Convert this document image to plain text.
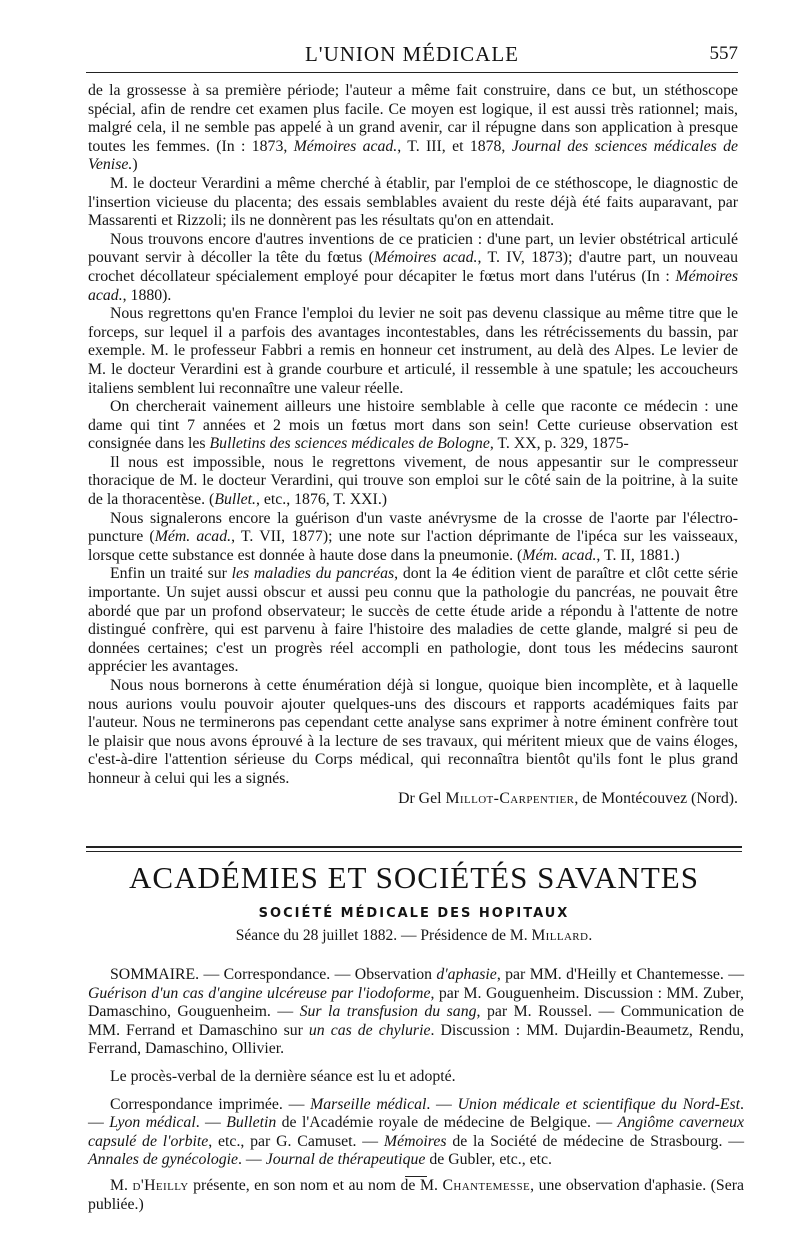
L'UNION MÉDICALE	557

de la grossesse à sa première période; l'auteur a même fait construire, dans ce but, un stéthoscope spécial, afin de rendre cet examen plus facile. Ce moyen est logique, il est aussi très rationnel; mais, malgré cela, il ne semble pas appelé à un grand avenir, car il répugne dans son application à presque toutes les femmes. (In : 1873, Mémoires acad., T. III, et 1878, Journal des sciences médicales de Venise.)

M. le docteur Verardini a même cherché à établir, par l'emploi de ce stéthoscope, le diagnostic de l'insertion vicieuse du placenta; des essais semblables avaient du reste déjà été faits auparavant, par Massarenti et Rizzoli; ils ne donnèrent pas les résultats qu'on en attendait.

Nous trouvons encore d'autres inventions de ce praticien : d'une part, un levier obstétrical articulé pouvant servir à décoller la tête du fœtus (Mémoires acad., T. IV, 1873); d'autre part, un nouveau crochet décollateur spécialement employé pour décapiter le fœtus mort dans l'utérus (In : Mémoires acad., 1880).

Nous regrettons qu'en France l'emploi du levier ne soit pas devenu classique au même titre que le forceps, sur lequel il a parfois des avantages incontestables, dans les rétrécissements du bassin, par exemple. M. le professeur Fabbri a remis en honneur cet instrument, au delà des Alpes. Le levier de M. le docteur Verardini est à grande courbure et articulé, il ressemble à une spatule; les accoucheurs italiens semblent lui reconnaître une valeur réelle.

On chercherait vainement ailleurs une histoire semblable à celle que raconte ce médecin : une dame qui tint 7 années et 2 mois un fœtus mort dans son sein! Cette curieuse observation est consignée dans les Bulletins des sciences médicales de Bologne, T. XX, p. 329, 1875-

Il nous est impossible, nous le regrettons vivement, de nous appesantir sur le compresseur thoracique de M. le docteur Verardini, qui trouve son emploi sur le côté sain de la poitrine, à la suite de la thoracentèse. (Bullet., etc., 1876, T. XXI.)

Nous signalerons encore la guérison d'un vaste anévrysme de la crosse de l'aorte par l'électro-puncture (Mém. acad., T. VII, 1877); une note sur l'action déprimante de l'ipéca sur les vaisseaux, lorsque cette substance est donnée à haute dose dans la pneumonie. (Mém. acad., T. II, 1881.)

Enfin un traité sur les maladies du pancréas, dont la 4e édition vient de paraître et clôt cette série importante. Un sujet aussi obscur et aussi peu connu que la pathologie du pancréas, ne pouvait être abordé que par un profond observateur; le succès de cette étude aride a répondu à l'attente de notre distingué confrère, qui est parvenu à faire l'histoire des maladies de cette glande, malgré si peu de données certaines; c'est un progrès réel accompli en pathologie, dont tous les médecins sauront apprécier les avantages.

Nous nous bornerons à cette énumération déjà si longue, quoique bien incomplète, et à laquelle nous aurions voulu pouvoir ajouter quelques-uns des discours et rapports académiques faits par l'auteur. Nous ne terminerons pas cependant cette analyse sans exprimer à notre éminent confrère tout le plaisir que nous avons éprouvé à la lecture de ses travaux, qui méritent mieux que de vains éloges, c'est-à-dire l'attention sérieuse du Corps médical, qui reconnaîtra bientôt qu'ils font le plus grand honneur à celui qui les a signés.

Dr Gel Millot-Carpentier, de Montécouvez (Nord).

ACADÉMIES ET SOCIÉTÉS SAVANTES
SOCIÉTÉ MÉDICALE DES HOPITAUX
Séance du 28 juillet 1882. — Présidence de M. Millard.

SOMMAIRE. — Correspondance. — Observation d'aphasie, par MM. d'Heilly et Chantemesse. — Guérison d'un cas d'angine ulcéreuse par l'iodoforme, par M. Gouguenheim. Discussion : MM. Zuber, Damaschino, Gouguenheim. — Sur la transfusion du sang, par M. Roussel. — Communication de MM. Ferrand et Damaschino sur un cas de chylurie. Discussion : MM. Dujardin-Beaumetz, Rendu, Ferrand, Damaschino, Ollivier.

Le procès-verbal de la dernière séance est lu et adopté.

Correspondance imprimée. — Marseille médical. — Union médicale et scientifique du Nord-Est. — Lyon médical. — Bulletin de l'Académie royale de médecine de Belgique. — Angiôme caverneux capsulé de l'orbite, etc., par G. Camuset. — Mémoires de la Société de médecine de Strasbourg. — Annales de gynécologie. — Journal de thérapeutique de Gubler, etc., etc.

M. d'Heilly présente, en son nom et au nom de M. Chantemesse, une observation d'aphasie. (Sera publiée.)
